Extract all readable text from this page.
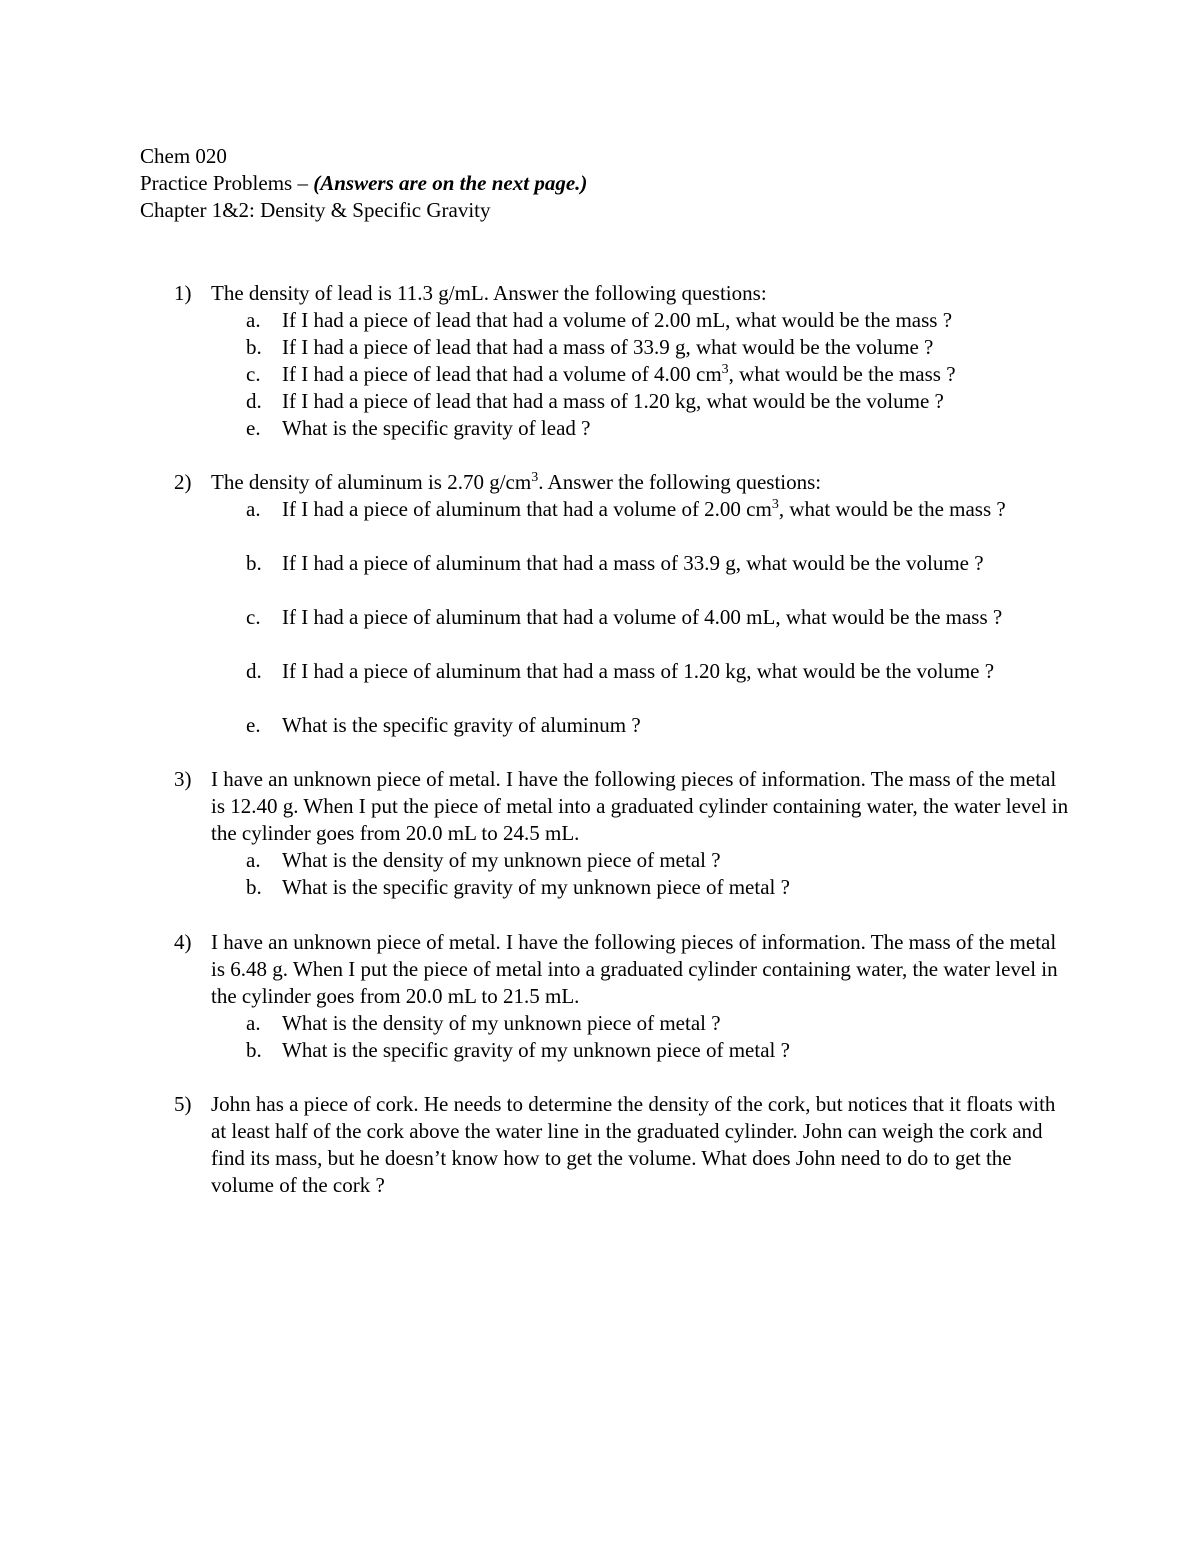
Chem 020
Practice Problems – (Answers are on the next page.)
Chapter 1&2: Density & Specific Gravity
1) The density of lead is 11.3 g/mL. Answer the following questions:
a. If I had a piece of lead that had a volume of 2.00 mL, what would be the mass ?
b. If I had a piece of lead that had a mass of 33.9 g, what would be the volume ?
c. If I had a piece of lead that had a volume of 4.00 $cm^3$, what would be the mass ?
d. If I had a piece of lead that had a mass of 1.20 kg, what would be the volume ?
e. What is the specific gravity of lead ?
2) The density of aluminum is 2.70 $g/cm^3$. Answer the following questions:
a. If I had a piece of aluminum that had a volume of 2.00 $cm^3$, what would be the mass ?
b. If I had a piece of aluminum that had a mass of 33.9 g, what would be the volume ?
c. If I had a piece of aluminum that had a volume of 4.00 mL, what would be the mass ?
d. If I had a piece of aluminum that had a mass of 1.20 kg, what would be the volume ?
e. What is the specific gravity of aluminum ?
3) I have an unknown piece of metal. I have the following pieces of information. The mass of the metal is 12.40 g. When I put the piece of metal into a graduated cylinder containing water, the water level in the cylinder goes from 20.0 mL to 24.5 mL.
a. What is the density of my unknown piece of metal ?
b. What is the specific gravity of my unknown piece of metal ?
4) I have an unknown piece of metal. I have the following pieces of information. The mass of the metal is 6.48 g. When I put the piece of metal into a graduated cylinder containing water, the water level in the cylinder goes from 20.0 mL to 21.5 mL.
a. What is the density of my unknown piece of metal ?
b. What is the specific gravity of my unknown piece of metal ?
5) John has a piece of cork. He needs to determine the density of the cork, but notices that it floats with at least half of the cork above the water line in the graduated cylinder. John can weigh the cork and find its mass, but he doesn’t know how to get the volume. What does John need to do to get the volume of the cork ?
